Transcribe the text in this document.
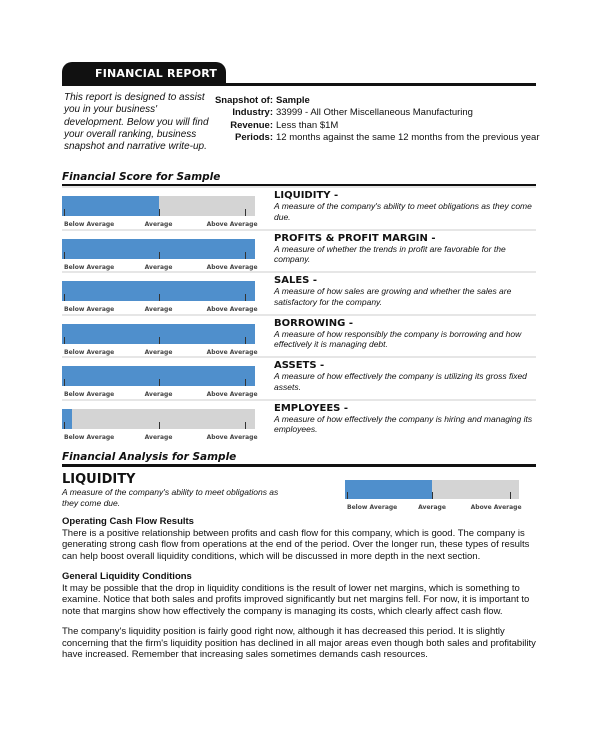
FINANCIAL REPORT
This report is designed to assist you in your business' development. Below you will find your overall ranking, business snapshot and narrative write-up.
Snapshot of: Sample
Industry: 33999 - All Other Miscellaneous Manufacturing
Revenue: Less than $1M
Periods: 12 months against the same 12 months from the previous year
Financial Score for Sample
Below Average	Average	Above Average
LIQUIDITY -
A measure of the company's ability to meet obligations as they come due.
Below Average	Average	Above Average
PROFITS & PROFIT MARGIN -
A measure of whether the trends in profit are favorable for the company.
Below Average	Average	Above Average
SALES -
A measure of how sales are growing and whether the sales are satisfactory for the company.
Below Average	Average	Above Average
BORROWING -
A measure of how responsibly the company is borrowing and how effectively it is managing debt.
Below Average	Average	Above Average
ASSETS -
A measure of how effectively the company is utilizing its gross fixed assets.
Below Average	Average	Above Average
EMPLOYEES -
A measure of how effectively the company is hiring and managing its employees.
Financial Analysis for Sample
LIQUIDITY
A measure of the company's ability to meet obligations as they come due.	Below Average	Average	Above Average
Operating Cash Flow Results
There is a positive relationship between profits and cash flow for this company, which is good. The company is generating strong cash flow from operations at the end of the period. Over the longer run, these types of results can help boost overall liquidity conditions, which will be discussed in more depth in the next section.
General Liquidity Conditions
It may be possible that the drop in liquidity conditions is the result of lower net margins, which is something to examine. Notice that both sales and profits improved significantly but net margins fell. For now, it is important to note that margins show how effectively the company is managing its costs, which clearly affect cash flow.
The company's liquidity position is fairly good right now, although it has decreased this period. It is slightly concerning that the firm's liquidity position has declined in all major areas even though both sales and profitability have increased. Remember that increasing sales sometimes demands cash resources.
